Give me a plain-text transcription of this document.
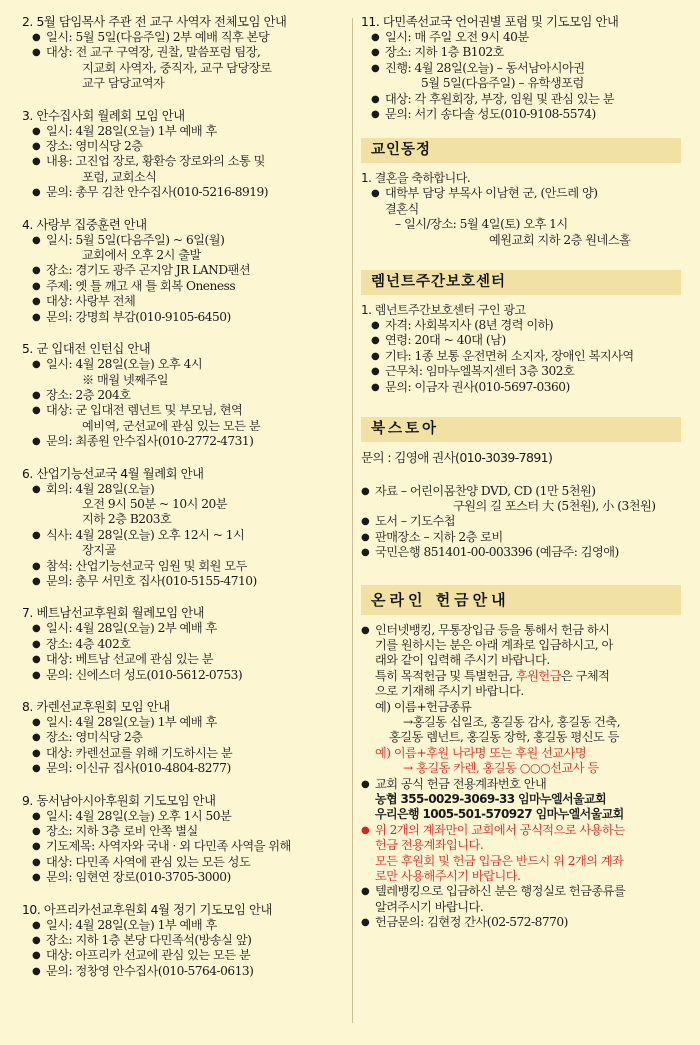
2. 5월 담임목사 주관 전 교구 사역자 전체모임 안내
● 일시: 5월 5일(다음주일) 2부 예배 직후 본당
● 대상: 전 교구 구역장, 권찰, 말씀포럼 팀장,
지교회 사역자, 중직자, 교구 담당장로
교구 담당교역자
3. 안수집사회 월례회 모임 안내
● 일시: 4월 28일(오늘) 1부 예배 후
● 장소: 영미식당 2층
● 내용: 고진업 장로, 황환승 장로와의 소통 및
포럼, 교회소식
● 문의: 총무 김찬 안수집사(010-5216-8919)
4. 사랑부 집중훈련 안내
● 일시: 5월 5일(다음주일) ~ 6일(월)
교회에서 오후 2시 출발
● 장소: 경기도 광주 곤지암 JR LAND팬션
● 주제: 옛 틀 깨고 새 틀 회복 Oneness
● 대상: 사랑부 전체
● 문의: 강명희 부감(010-9105-6450)
5. 군 입대전 인턴십 안내
● 일시: 4월 28일(오늘) 오후 4시
※ 매월 넷째주일
● 장소: 2층 204호
● 대상: 군 입대전 렘넌트 및 부모님, 현역
예비역, 군선교에 관심 있는 모든 분
● 문의: 최종원 안수집사(010-2772-4731)
6. 산업기능선교국 4월 월례회 안내
● 회의: 4월 28일(오늘)
오전 9시 50분 ~ 10시 20분
지하 2층 B203호
● 식사: 4월 28일(오늘) 오후 12시 ~ 1시
장지골
● 참석: 산업기능선교국 임원 및 회원 모두
● 문의: 총무 서민호 집사(010-5155-4710)
7. 베트남선교후원회 월례모임 안내
● 일시: 4월 28일(오늘) 2부 예배 후
● 장소: 4층 402호
● 대상: 베트남 선교에 관심 있는 분
● 문의: 신에스더 성도(010-5612-0753)
8. 카렌선교후원회 모임 안내
● 일시: 4월 28일(오늘) 1부 예배 후
● 장소: 영미식당 2층
● 대상: 카렌선교를 위해 기도하시는 분
● 문의: 이신규 집사(010-4804-8277)
9. 동서남아시아후원회 기도모임 안내
● 일시: 4월 28일(오늘) 오후 1시 50분
● 장소: 지하 3층 로비 안쪽 별실
● 기도제목: 사역자와 국내 · 외 다민족 사역을 위해
● 대상: 다민족 사역에 관심 있는 모든 성도
● 문의: 임현연 장로(010-3705-3000)
10. 아프리카선교후원회 4월 정기 기도모임 안내
● 일시: 4월 28일(오늘) 1부 예배 후
● 장소: 지하 1층 본당 다민족석(방송실 앞)
● 대상: 아프리카 선교에 관심 있는 모든 분
● 문의: 정창영 안수집사(010-5764-0613)
11. 다민족선교국 언어권별 포럼 및 기도모임 안내
● 일시: 매 주일 오전 9시 40분
● 장소: 지하 1층 B102호
● 진행: 4월 28일(오늘) – 동서남아시아권
5월 5일(다음주일) – 유학생포럼
● 대상: 각 후원회장, 부장, 임원 및 관심 있는 분
● 문의: 서기 송다솔 성도(010-9108-5574)
교인동정
1. 결혼을 축하합니다.
● 대학부 담당 부목사 이남현 군, (안드레 양)
결혼식
– 일시/장소: 5월 4일(토) 오후 1시
예원교회 지하 2층 원네스홀
렘넌트주간보호센터
1. 렘넌트주간보호센터 구인 광고
● 자격: 사회복지사 (8년 경력 이하)
● 연령: 20대 ~ 40대 (남)
● 기타: 1종 보통 운전면허 소지자, 장애인 복지사역
● 근무처: 임마누엘복지센터 3층 302호
● 문의: 이금자 권사(010-5697-0360)
북스토아
문의 : 김영애 권사(010-3039-7891)
● 자료 – 어린이몸찬양 DVD, CD (1만 5천원)
구원의 길 포스터 大 (5천원), 小 (3천원)
● 도서 – 기도수첩
● 판매장소 – 지하 2층 로비
● 국민은행 851401-00-003396 (예금주: 김영애)
온라인 헌금안내
● 인터넷뱅킹, 무통장입금 등을 통해서 헌금 하시
기를 원하시는 분은 아래 계좌로 입금하시고, 아
래와 같이 입력해 주시기 바랍니다.
특히 목적헌금 및 특별헌금, 후원헌금은 구체적
으로 기재해 주시기 바랍니다.
예) 이름+헌금종류
→홍길동 십일조, 홍길동 감사, 홍길동 건축,
홍길동 렘넌트, 홍길동 장학, 홍길동 평신도 등
예) 이름+후원 나라명 또는 후원 선교사명
→ 홍길동 카렌, 홍길동 ○○○선교사 등
● 교회 공식 헌금 전용계좌번호 안내
농협 355-0029-3069-33 임마누엘서울교회
우리은행 1005-501-570927 임마누엘서울교회
● 위 2개의 계좌만이 교회에서 공식적으로 사용하는
헌금 전용계좌입니다.
모든 후원회 및 헌금 입금은 반드시 위 2개의 계좌
로만 사용해주시기 바랍니다.
● 텔레뱅킹으로 입금하신 분은 행정실로 헌금종류를
알려주시기 바랍니다.
● 헌금문의: 김현정 간사(02-572-8770)
